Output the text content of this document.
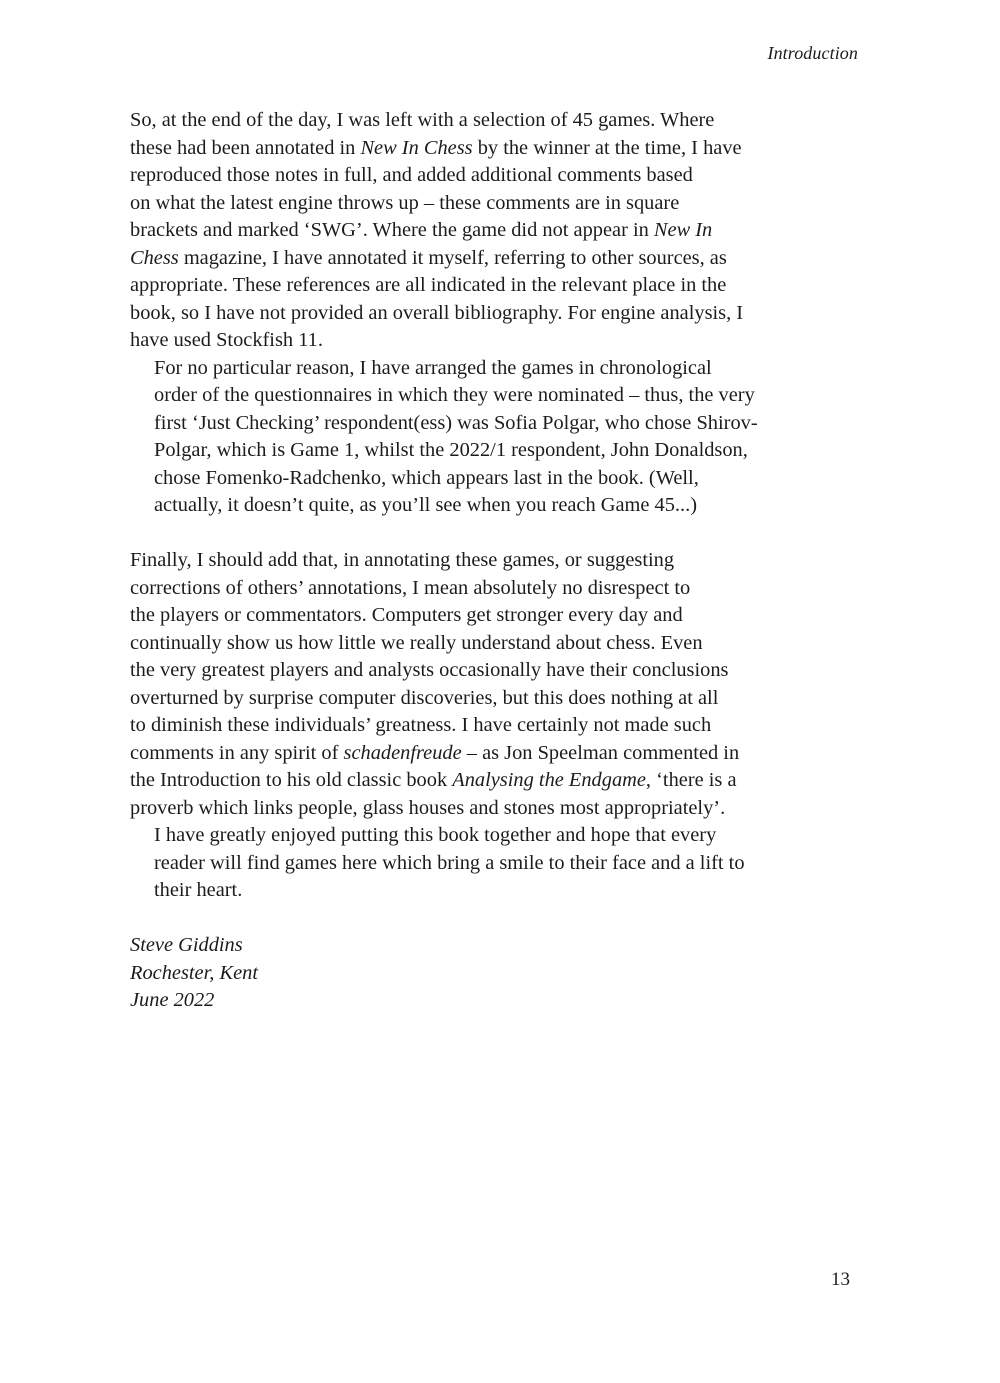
Introduction

So, at the end of the day, I was left with a selection of 45 games. Where
these had been annotated in New In Chess by the winner at the time, I have
reproduced those notes in full, and added additional comments based
on what the latest engine throws up – these comments are in square
brackets and marked ‘SWG’. Where the game did not appear in New In
Chess magazine, I have annotated it myself, referring to other sources, as
appropriate. These references are all indicated in the relevant place in the
book, so I have not provided an overall bibliography. For engine analysis, I
have used Stockfish 11.

For no particular reason, I have arranged the games in chronological
order of the questionnaires in which they were nominated – thus, the very
first ‘Just Checking’ respondent(ess) was Sofia Polgar, who chose Shirov-
Polgar, which is Game 1, whilst the 2022/1 respondent, John Donaldson,
chose Fomenko-Radchenko, which appears last in the book. (Well,
actually, it doesn’t quite, as you’ll see when you reach Game 45...)

Finally, I should add that, in annotating these games, or suggesting
corrections of others’ annotations, I mean absolutely no disrespect to
the players or commentators. Computers get stronger every day and
continually show us how little we really understand about chess. Even
the very greatest players and analysts occasionally have their conclusions
overturned by surprise computer discoveries, but this does nothing at all
to diminish these individuals’ greatness. I have certainly not made such
comments in any spirit of schadenfreude – as Jon Speelman commented in
the Introduction to his old classic book Analysing the Endgame, ‘there is a
proverb which links people, glass houses and stones most appropriately’.

I have greatly enjoyed putting this book together and hope that every
reader will find games here which bring a smile to their face and a lift to
their heart.

Steve Giddins
Rochester, Kent
June 2022
13
